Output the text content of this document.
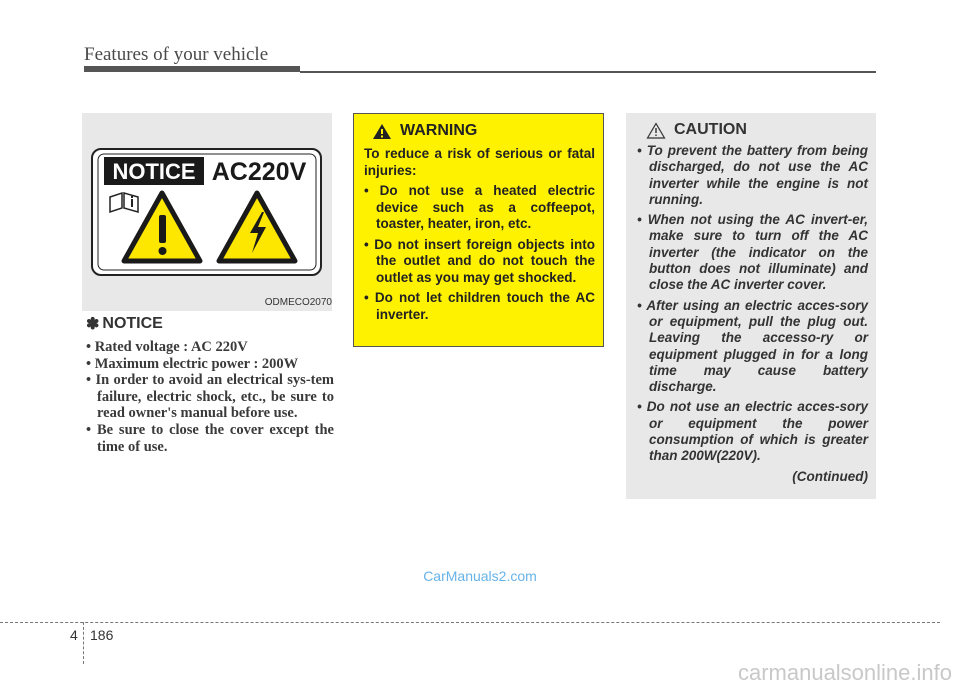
Features of your vehicle
NOTICE AC220V
ODMECO2070
✽ NOTICE
• Rated voltage : AC 220V
• Maximum electric power : 200W
• In order to avoid an electrical sys-tem failure, electric shock, etc., be sure to read owner's manual before use.
• Be sure to close the cover except the time of use.
WARNING
To reduce a risk of serious or fatal injuries:
• Do not use a heated electric device such as a coffeepot, toaster, heater, iron, etc.
• Do not insert foreign objects into the outlet and do not touch the outlet as you may get shocked.
• Do not let children touch the AC inverter.
CAUTION
• To prevent the battery from being discharged, do not use the AC inverter while the engine is not running.
• When not using the AC invert-er, make sure to turn off the AC inverter (the indicator on the button does not illuminate) and close the AC inverter cover.
• After using an electric acces-sory or equipment, pull the plug out. Leaving the accesso-ry or equipment plugged in for a long time may cause battery discharge.
• Do not use an electric acces-sory or equipment the power consumption of which is greater than 200W(220V).
(Continued)
CarManuals2.com
4 186
carmanualsonline.info
